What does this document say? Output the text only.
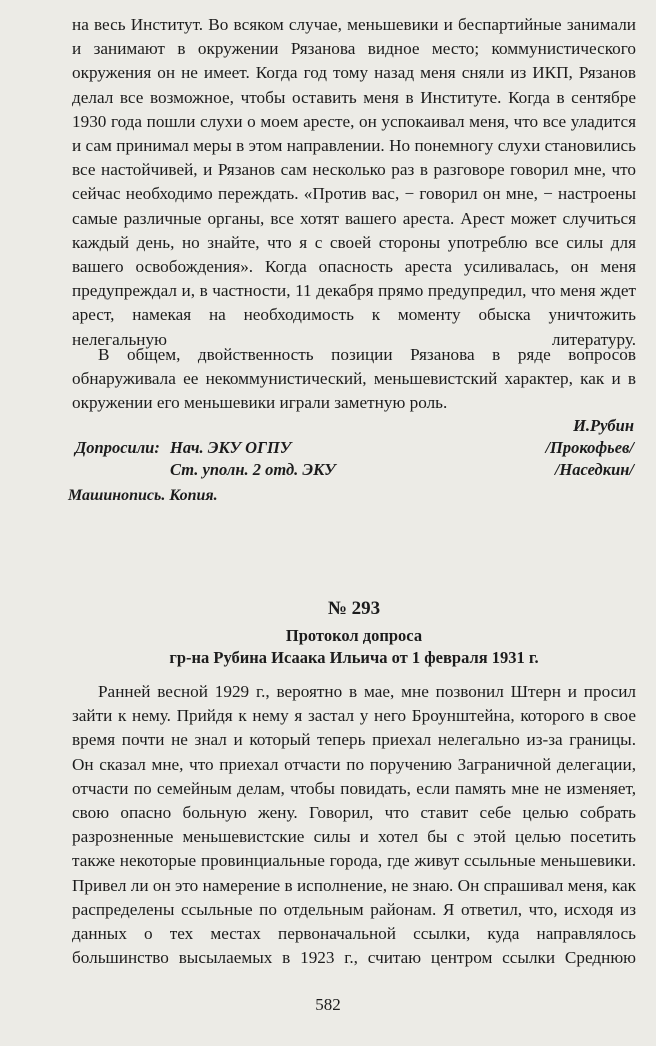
на весь Институт. Во всяком случае, меньшевики и беспартийные занимали и занимают в окружении Рязанова видное место; коммунистического окружения он не имеет. Когда год тому назад меня сняли из ИКП, Рязанов делал все возможное, чтобы оставить меня в Институте. Когда в сентябре 1930 года пошли слухи о моем аресте, он успокаивал меня, что все уладится и сам принимал меры в этом направлении. Но понемногу слухи становились все настойчивей, и Рязанов сам несколько раз в разговоре говорил мне, что сейчас необходимо переждать. «Против вас, − говорил он мне, − настроены самые различные органы, все хотят вашего ареста. Арест может случиться каждый день, но знайте, что я с своей стороны употреблю все силы для вашего освобождения». Когда опасность ареста усиливалась, он меня предупреждал и, в частности, 11 декабря прямо предупредил, что меня ждет арест, намекая на необходимость к моменту обыска уничтожить нелегальную литературу.
В общем, двойственность позиции Рязанова в ряде вопросов обнаруживала ее некоммунистический, меньшевистский характер, как и в окружении его меньшевики играли заметную роль.
И.Рубин
Допросили: Нач. ЭКУ ОГПУ	/Прокофьев/
Ст. уполн. 2 отд. ЭКУ	/Наседкин/
Машинопись. Копия.
№ 293
Протокол допроса
гр-на Рубина Исаака Ильича от 1 февраля 1931 г.
Ранней весной 1929 г., вероятно в мае, мне позвонил Штерн и просил зайти к нему. Прийдя к нему я застал у него Броунштейна, которого в свое время почти не знал и который теперь приехал нелегально из-за границы. Он сказал мне, что приехал отчасти по поручению Заграничной делегации, отчасти по семейным делам, чтобы повидать, если память мне не изменяет, свою опасно больную жену. Говорил, что ставит себе целью собрать разрозненные меньшевистские силы и хотел бы с этой целью посетить также некоторые провинциальные города, где живут ссыльные меньшевики. Привел ли он это намерение в исполнение, не знаю. Он спрашивал меня, как распределены ссыльные по отдельным районам. Я ответил, что, исходя из данных о тех местах первоначальной ссылки, куда направлялось большинство высылаемых в 1923 г., считаю центром ссылки Среднюю
582
